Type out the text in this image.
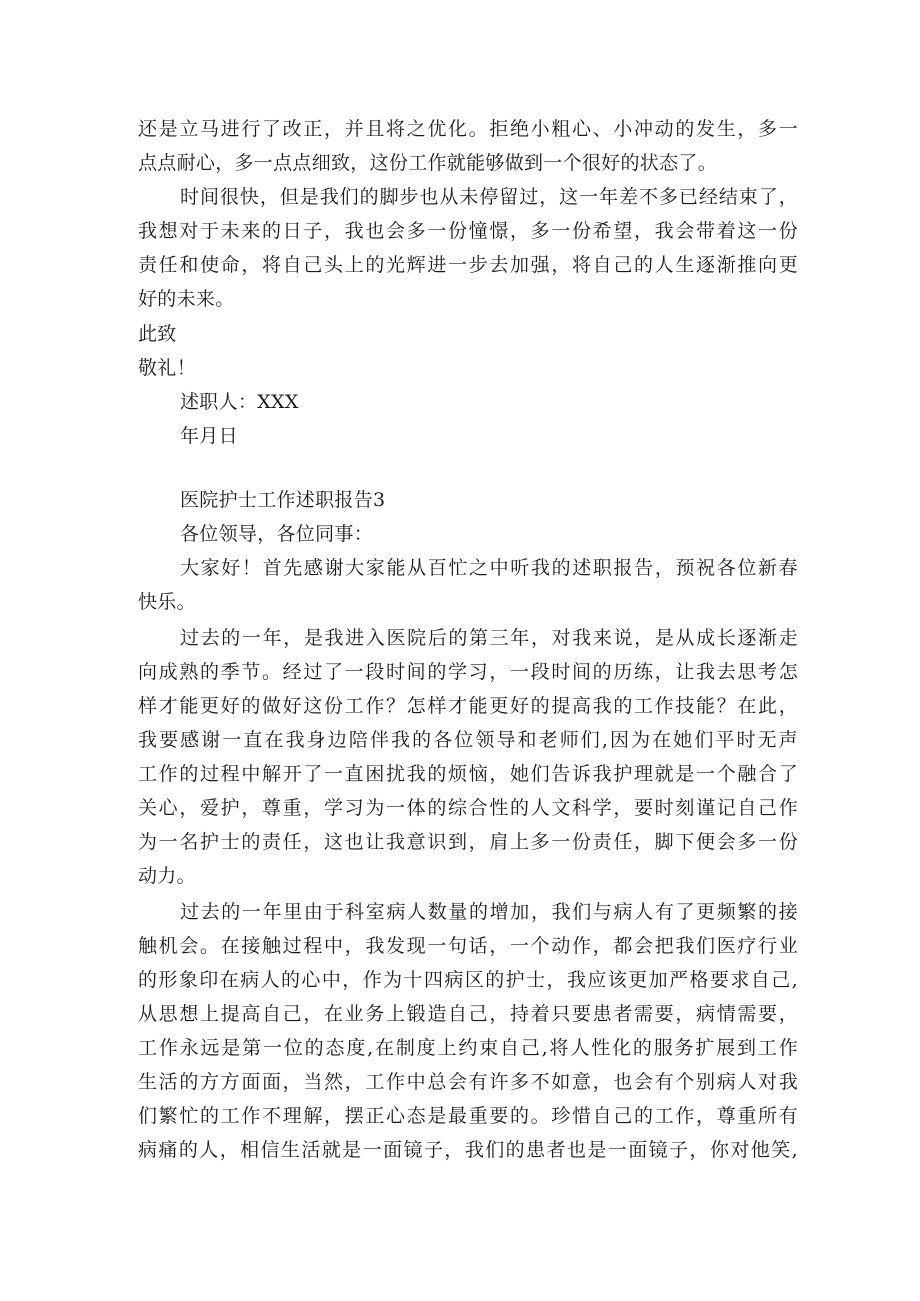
还是立马进行了改正，并且将之优化。拒绝小粗心、小冲动的发生，多一
点点耐心，多一点点细致，这份工作就能够做到一个很好的状态了。
时间很快，但是我们的脚步也从未停留过，这一年差不多已经结束了，
我想对于未来的日子，我也会多一份憧憬，多一份希望，我会带着这一份
责任和使命，将自己头上的光辉进一步去加强，将自己的人生逐渐推向更
好的未来。
此致
敬礼！
述职人：XXX
年月日
医院护士工作述职报告3
各位领导，各位同事：
大家好！首先感谢大家能从百忙之中听我的述职报告，预祝各位新春
快乐。
过去的一年，是我进入医院后的第三年，对我来说，是从成长逐渐走
向成熟的季节。经过了一段时间的学习，一段时间的历练，让我去思考怎
样才能更好的做好这份工作？怎样才能更好的提高我的工作技能？在此，
我要感谢一直在我身边陪伴我的各位领导和老师们,因为在她们平时无声
工作的过程中解开了一直困扰我的烦恼，她们告诉我护理就是一个融合了
关心，爱护，尊重，学习为一体的综合性的人文科学，要时刻谨记自己作
为一名护士的责任，这也让我意识到，肩上多一份责任，脚下便会多一份
动力。
过去的一年里由于科室病人数量的增加，我们与病人有了更频繁的接
触机会。在接触过程中，我发现一句话，一个动作，都会把我们医疗行业
的形象印在病人的心中，作为十四病区的护士，我应该更加严格要求自己,
从思想上提高自己，在业务上锻造自己，持着只要患者需要，病情需要，
工作永远是第一位的态度,在制度上约束自己,将人性化的服务扩展到工作
生活的方方面面，当然，工作中总会有许多不如意，也会有个别病人对我
们繁忙的工作不理解，摆正心态是最重要的。珍惜自己的工作，尊重所有
病痛的人，相信生活就是一面镜子，我们的患者也是一面镜子，你对他笑,
